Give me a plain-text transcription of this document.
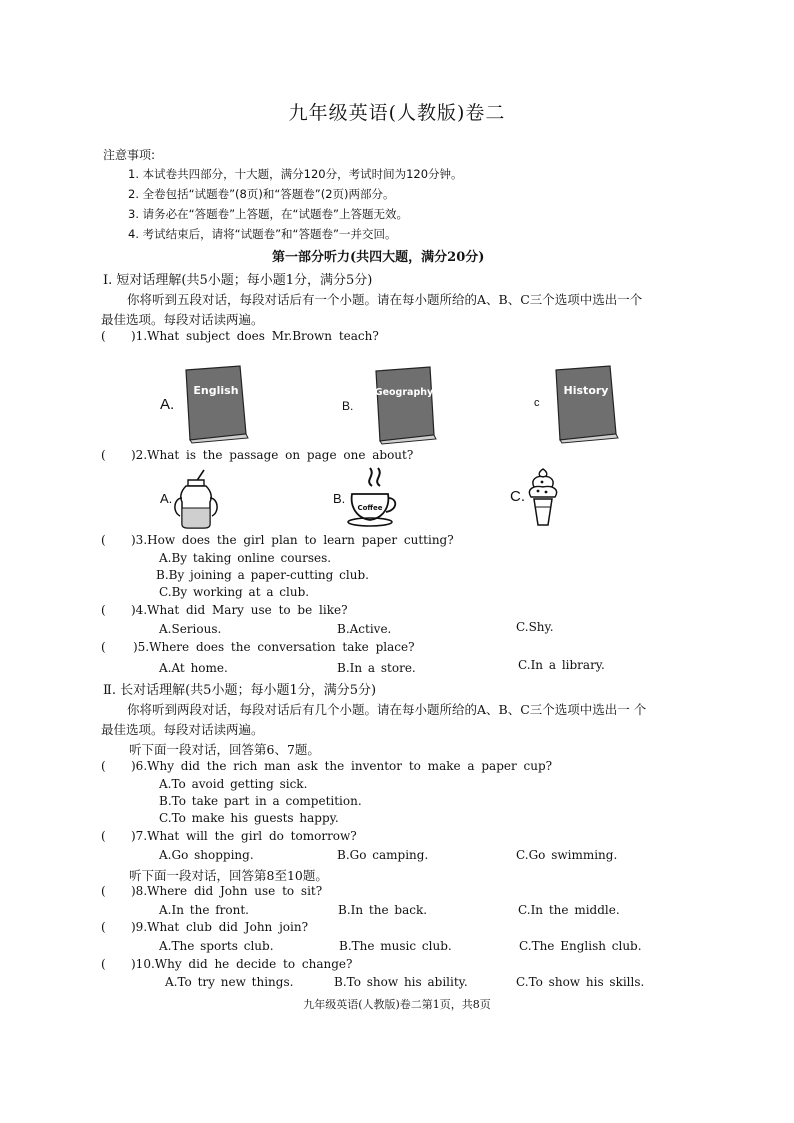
九年级英语(人教版)卷二
注意事项:
1. 本试卷共四部分，十大题，满分120分，考试时间为120分钟。
2. 全卷包括“试题卷”(8页)和“答题卷”(2页)两部分。
3. 请务必在“答题卷”上答题，在“试题卷”上答题无效。
4. 考试结束后，请将“试题卷”和“答题卷”一并交回。
第一部分听力(共四大题，满分20分)
Ⅰ. 短对话理解(共5小题；每小题1分，满分5分)
你将听到五段对话，每段对话后有一个小题。请在每小题所给的A、B、C三个选项中选出一个
最佳选项。每段对话读两遍。
( )1.What subject does Mr.Brown teach?
A.
English
B.
Geography
c
History
( )2.What is the passage on page one about?
A.	B.
Coffee
C.
( )3.How does the girl plan to learn paper cutting?
A.By taking online courses.
B.By joining a paper-cutting club.
C.By working at a club.
( )4.What did Mary use to be like?
A.Serious.	B.Active.	C.Shy.
( )5.Where does the conversation take place?
A.At home.	B.In a store.	C.In a library.
Ⅱ. 长对话理解(共5小题；每小题1分，满分5分)
你将听到两段对话，每段对话后有几个小题。请在每小题所给的A、B、C三个选项中选出一 个
最佳选项。每段对话读两遍。
听下面一段对话，回答第6、7题。
( )6.Why did the rich man ask the inventor to make a paper cup?
A.To avoid getting sick.
B.To take part in a competition.
C.To make his guests happy.
( )7.What will the girl do tomorrow?
A.Go shopping.	B.Go camping.	C.Go swimming.
听下面一段对话，回答第8至10题。
( )8.Where did John use to sit?
A.In the front.	B.In the back.	C.In the middle.
( )9.What club did John join?
A.The sports club.	B.The music club.	C.The English club.
( )10.Why did he decide to change?
A.To try new things.	B.To show his ability.	C.To show his skills.
九年级英语(人教版)卷二第1页，共8页
